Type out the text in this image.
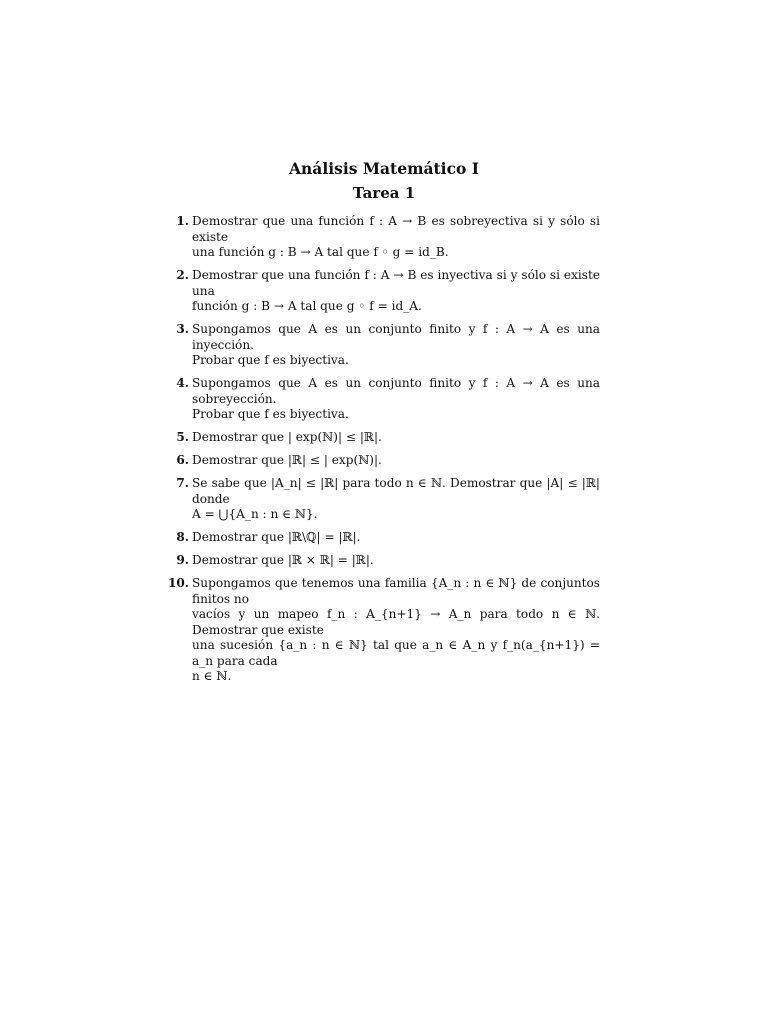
Análisis Matemático I
Tarea 1
1. Demostrar que una función f : A → B es sobreyectiva si y sólo si existe
una función g : B → A tal que f ◦ g = id_B.
2. Demostrar que una función f : A → B es inyectiva si y sólo si existe una
función g : B → A tal que g ◦ f = id_A.
3. Supongamos que A es un conjunto finito y f : A → A es una inyección.
Probar que f es biyectiva.
4. Supongamos que A es un conjunto finito y f : A → A es una sobreyección.
Probar que f es biyectiva.
5. Demostrar que | exp(ℕ)| ≤ |ℝ|.
6. Demostrar que |ℝ| ≤ | exp(ℕ)|.
7. Se sabe que |A_n| ≤ |ℝ| para todo n ∈ ℕ. Demostrar que |A| ≤ |ℝ| donde
A = ⋃{A_n : n ∈ ℕ}.
8. Demostrar que |ℝ\ℚ| = |ℝ|.
9. Demostrar que |ℝ × ℝ| = |ℝ|.
10. Supongamos que tenemos una familia {A_n : n ∈ ℕ} de conjuntos finitos no
vacíos y un mapeo f_n : A_{n+1} → A_n para todo n ∈ ℕ. Demostrar que existe
una sucesión {a_n : n ∈ ℕ} tal que a_n ∈ A_n y f_n(a_{n+1}) = a_n para cada
n ∈ ℕ.
